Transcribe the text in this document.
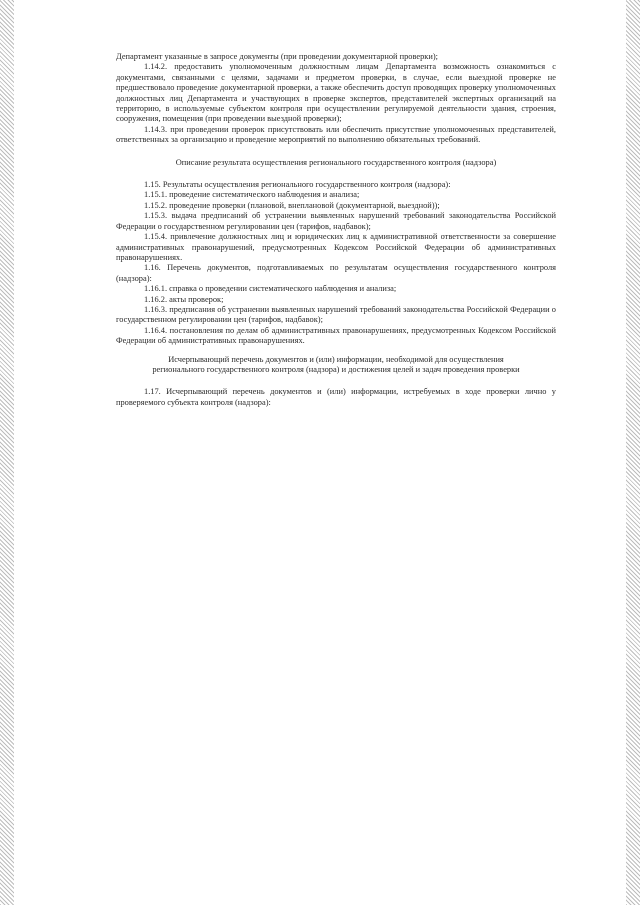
Департамент указанные в запросе документы (при проведении документарной проверки);

1.14.2. предоставить уполномоченным должностным лицам Департамента возможность ознакомиться с документами, связанными с целями, задачами и предметом проверки, в случае, если выездной проверке не предшествовало проведение документарной проверки, а также обеспечить доступ проводящих проверку уполномоченных должностных лиц Департамента и участвующих в проверке экспертов, представителей экспертных организаций на территорию, в используемые субъектом контроля при осуществлении регулируемой деятельности здания, строения, сооружения, помещения (при проведении выездной проверки);

1.14.3. при проведении проверок присутствовать или обеспечить присутствие уполномоченных представителей, ответственных за организацию и проведение мероприятий по выполнению обязательных требований.

Описание результата осуществления регионального государственного контроля (надзора)

1.15. Результаты осуществления регионального государственного контроля (надзора):

1.15.1. проведение систематического наблюдения и анализа;

1.15.2. проведение проверки (плановой, внеплановой (документарной, выездной));

1.15.3. выдача предписаний об устранении выявленных нарушений требований законодательства Российской Федерации о государственном регулировании цен (тарифов, надбавок);

1.15.4. привлечение должностных лиц и юридических лиц к административной ответственности за совершение административных правонарушений, предусмотренных Кодексом Российской Федерации об административных правонарушениях.

1.16. Перечень документов, подготавливаемых по результатам осуществления государственного контроля (надзора):

1.16.1. справка о проведении систематического наблюдения и анализа;

1.16.2. акты проверок;

1.16.3. предписания об устранении выявленных нарушений требований законодательства Российской Федерации о государственном регулировании цен (тарифов, надбавок);

1.16.4. постановления по делам об административных правонарушениях, предусмотренных Кодексом Российской Федерации об административных правонарушениях.

Исчерпывающий перечень документов и (или) информации, необходимой для осуществления регионального государственного контроля (надзора) и достижения целей и задач проведения проверки

1.17. Исчерпывающий перечень документов и (или) информации, истребуемых в ходе проверки лично у проверяемого субъекта контроля (надзора):
